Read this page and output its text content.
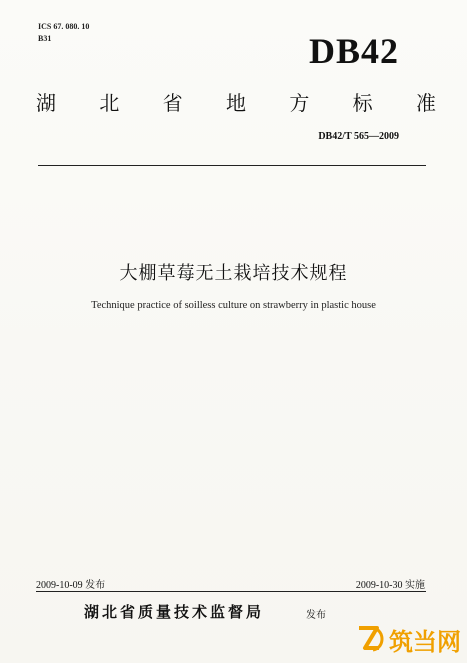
ICS 67. 080. 10
B31	DB42
湖 北 省 地 方 标 准
DB42/T 565—2009
大棚草莓无土栽培技术规程
Technique practice of soilless culture on strawberry in plastic house
2009-10-09 发布	2009-10-30 实施
湖北省质量技术监督局	发布
筑当网
